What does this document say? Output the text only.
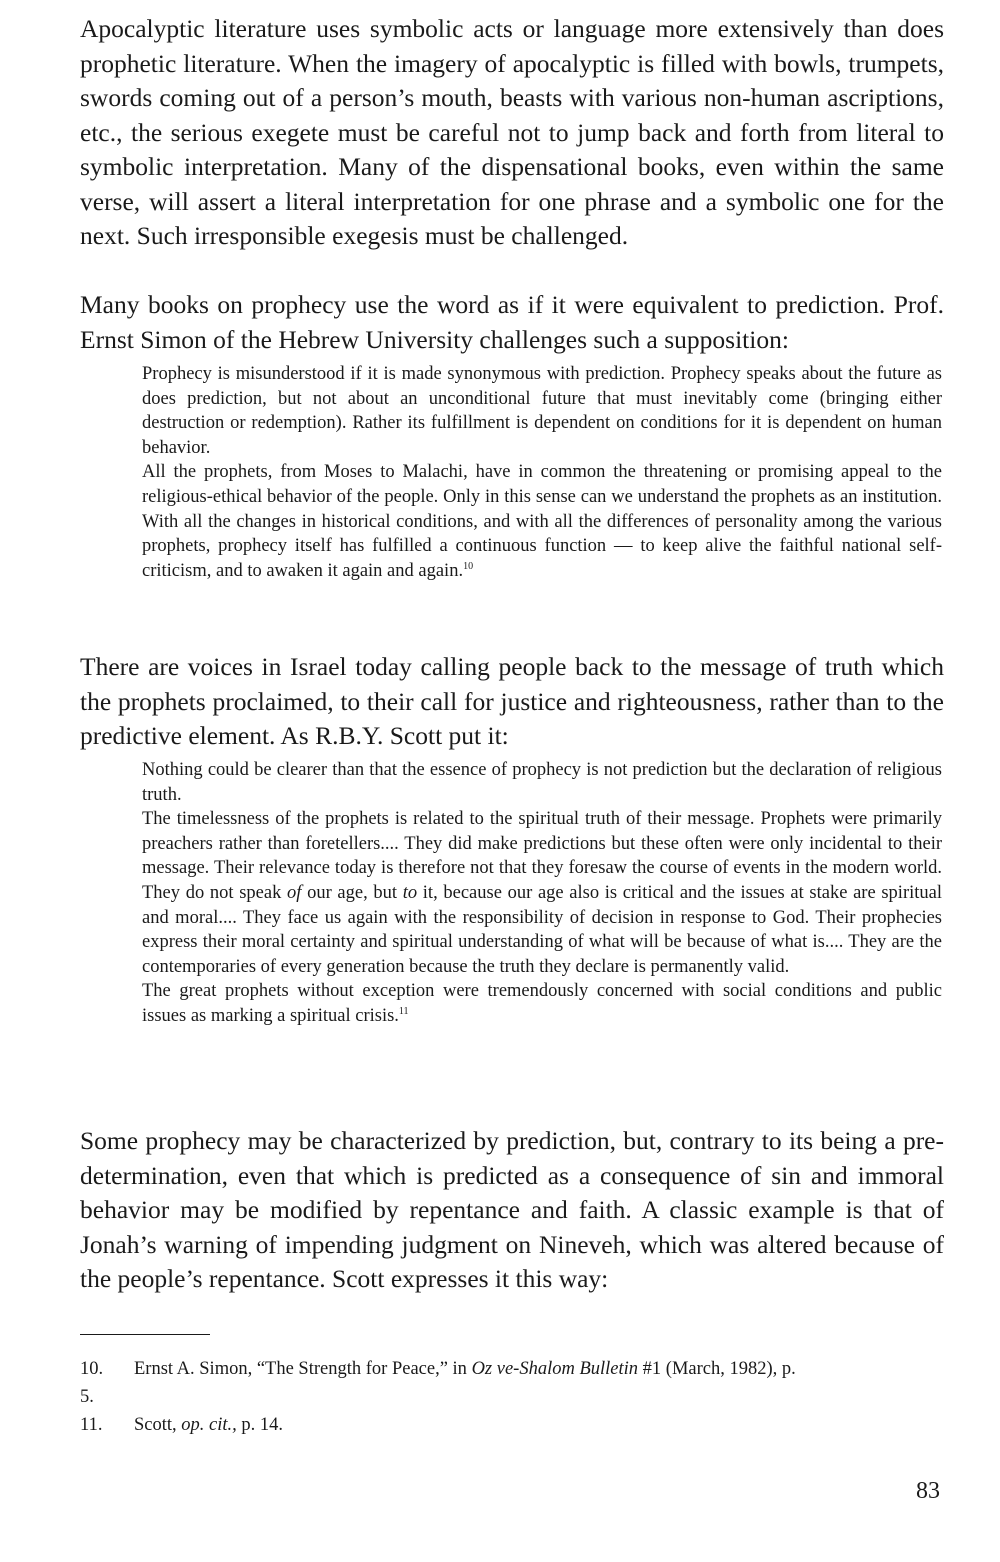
Apocalyptic literature uses symbolic acts or language more extensively than does prophetic literature. When the imagery of apocalyptic is filled with bowls, trumpets, swords coming out of a person’s mouth, beasts with various non-human ascriptions, etc., the serious exegete must be careful not to jump back and forth from literal to symbolic interpretation. Many of the dispensational books, even within the same verse, will assert a literal interpretation for one phrase and a symbolic one for the next. Such irresponsible exegesis must be challenged.

Many books on prophecy use the word as if it were equivalent to prediction. Prof. Ernst Simon of the Hebrew University challenges such a supposition:

Prophecy is misunderstood if it is made synonymous with prediction. Prophecy speaks about the future as does prediction, but not about an unconditional future that must inevitably come (bringing either destruction or redemption). Rather its fulfillment is dependent on conditions for it is dependent on human behavior.

All the prophets, from Moses to Malachi, have in common the threatening or promising appeal to the religious-ethical behavior of the people. Only in this sense can we understand the prophets as an institution. With all the changes in historical conditions, and with all the differences of personality among the various prophets, prophecy itself has fulfilled a continuous function — to keep alive the faithful national self-criticism, and to awaken it again and again.$^{10}$

There are voices in Israel today calling people back to the message of truth which the prophets proclaimed, to their call for justice and righteousness, rather than to the predictive element. As R.B.Y. Scott put it:

Nothing could be clearer than that the essence of prophecy is not prediction but the declaration of religious truth.

The timelessness of the prophets is related to the spiritual truth of their message. Prophets were primarily preachers rather than foretellers.... They did make predictions but these often were only incidental to their message. Their relevance today is therefore not that they foresaw the course of events in the modern world. They do not speak of our age, but to it, because our age also is critical and the issues at stake are spiritual and moral.... They face us again with the responsibility of decision in response to God. Their prophecies express their moral certainty and spiritual understanding of what will be because of what is.... They are the contemporaries of every generation because the truth they declare is permanently valid.

The great prophets without exception were tremendously concerned with social conditions and public issues as marking a spiritual crisis.$^{11}$

Some prophecy may be characterized by prediction, but, contrary to its being a pre-determination, even that which is predicted as a consequence of sin and immoral behavior may be modified by repentance and faith. A classic example is that of Jonah’s warning of impending judgment on Nineveh, which was altered because of the people’s repentance. Scott expresses it this way:

10.	Ernst A. Simon, “The Strength for Peace,” in Oz ve-Shalom Bulletin #1 (March, 1982), p.
5.
11.	Scott, op. cit., p. 14.
83
